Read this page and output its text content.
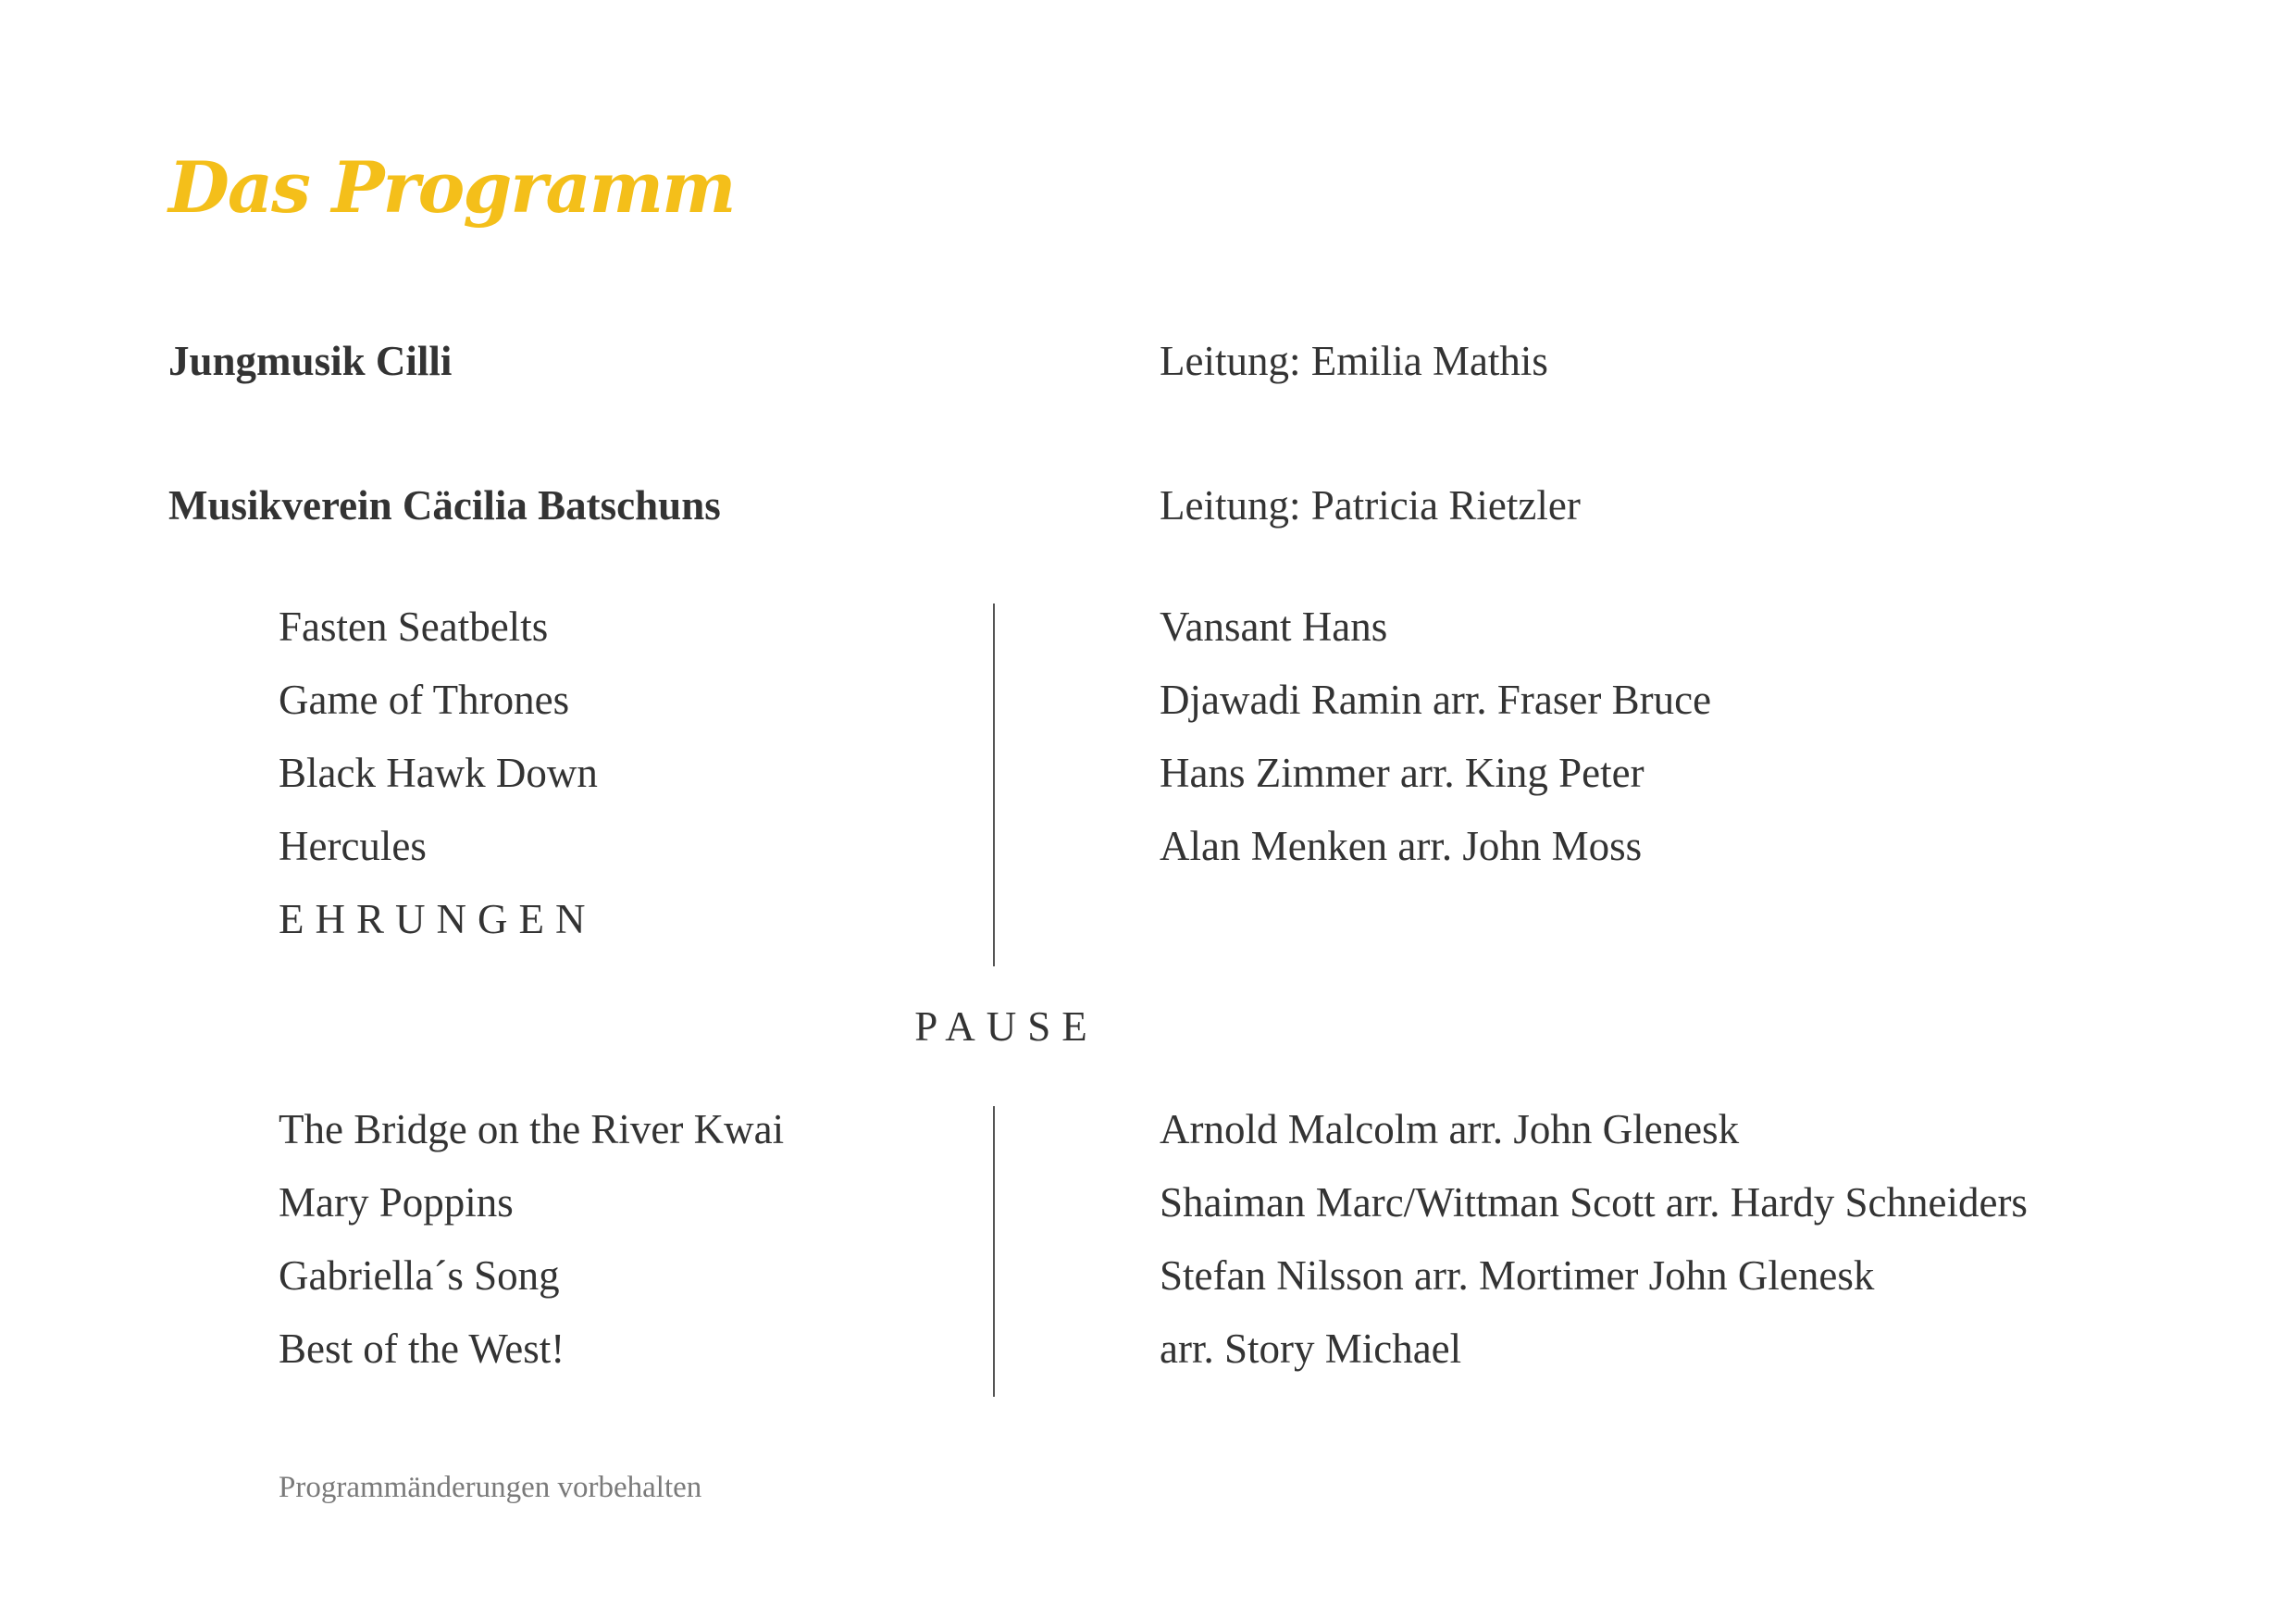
Das Programm
Jungmusik Cilli	Leitung: Emilia Mathis
Musikverein Cäcilia Batschuns	Leitung: Patricia Rietzler
Fasten Seatbelts
Game of Thrones
Black Hawk Down
Hercules
EHRUNGEN
Vansant Hans
Djawadi Ramin arr. Fraser Bruce
Hans Zimmer arr. King Peter
Alan Menken arr. John Moss
PAUSE
The Bridge on the River Kwai
Mary Poppins
Gabriella´s Song
Best of the West!
Arnold Malcolm arr. John Glenesk
Shaiman Marc/Wittman Scott arr. Hardy Schneiders
Stefan Nilsson arr. Mortimer John Glenesk
arr. Story Michael
Programmänderungen vorbehalten
